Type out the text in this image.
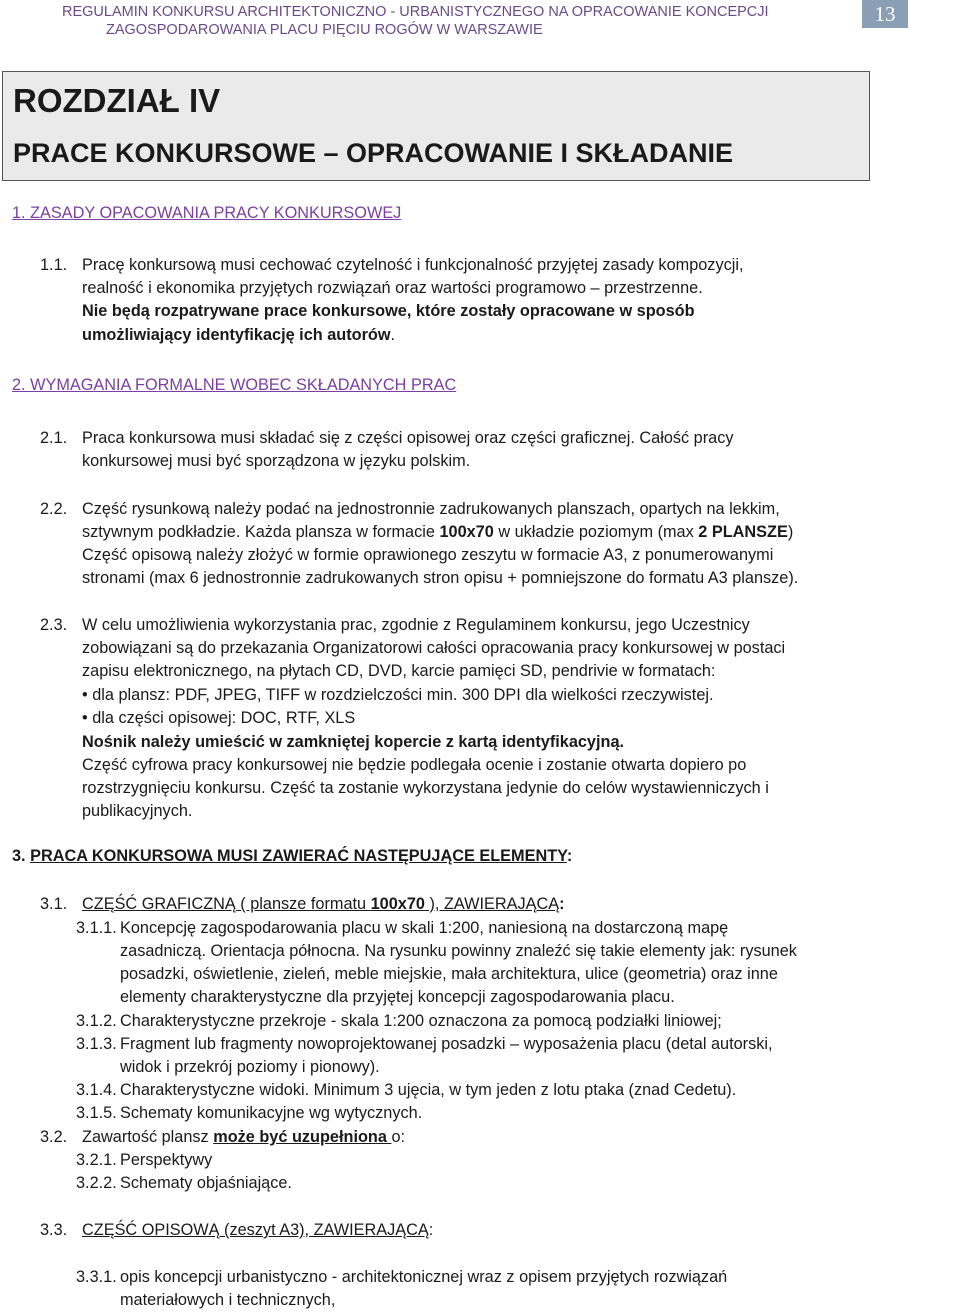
REGULAMIN KONKURSU ARCHITEKTONICZNO - URBANISTYCZNEGO NA OPRACOWANIE KONCEPCJI
ZAGOSPODAROWANIA PLACU PIĘCIU ROGÓW W WARSZAWIE
13
ROZDZIAŁ IV
PRACE KONKURSOWE – OPRACOWANIE I SKŁADANIE
1. ZASADY OPACOWANIA PRACY KONKURSOWEJ
1.1. Pracę konkursową musi cechować czytelność i funkcjonalność przyjętej zasady kompozycji,
realność i ekonomika przyjętych rozwiązań oraz wartości programowo – przestrzenne.
Nie będą rozpatrywane prace konkursowe, które zostały opracowane w sposób
umożliwiający identyfikację ich autorów.
2. WYMAGANIA FORMALNE WOBEC SKŁADANYCH PRAC
2.1. Praca konkursowa musi składać się z części opisowej oraz części graficznej. Całość pracy
konkursowej musi być sporządzona w języku polskim.
2.2. Część rysunkową należy podać na jednostronnie zadrukowanych planszach, opartych na lekkim,
sztywnym podkładzie. Każda plansza w formacie 100x70 w układzie poziomym (max 2 PLANSZE)
Część opisową należy złożyć w formie oprawionego zeszytu w formacie A3, z ponumerowanymi
stronami (max 6 jednostronnie zadrukowanych stron opisu + pomniejszone do formatu A3 plansze).
2.3. W celu umożliwienia wykorzystania prac, zgodnie z Regulaminem konkursu, jego Uczestnicy
zobowiązani są do przekazania Organizatorowi całości opracowania pracy konkursowej w postaci
zapisu elektronicznego, na płytach CD, DVD, karcie pamięci SD, pendrivie w formatach:
• dla plansz: PDF, JPEG, TIFF w rozdzielczości min. 300 DPI dla wielkości rzeczywistej.
• dla części opisowej: DOC, RTF, XLS
Nośnik należy umieścić w zamkniętej kopercie z kartą identyfikacyjną.
Część cyfrowa pracy konkursowej nie będzie podlegała ocenie i zostanie otwarta dopiero po
rozstrzygnięciu konkursu. Część ta zostanie wykorzystana jedynie do celów wystawienniczych i
publikacyjnych.
3. PRACA KONKURSOWA MUSI ZAWIERAĆ NASTĘPUJĄCE ELEMENTY:
3.1. CZĘŚĆ GRAFICZNĄ ( plansze formatu 100x70 ), ZAWIERAJĄCĄ:
3.1.1. Koncepcję zagospodarowania placu w skali 1:200, naniesioną na dostarczoną mapę
zasadniczą. Orientacja północna. Na rysunku powinny znaleźć się takie elementy jak: rysunek
posadzki, oświetlenie, zieleń, meble miejskie, mała architektura, ulice (geometria) oraz inne
elementy charakterystyczne dla przyjętej koncepcji zagospodarowania placu.
3.1.2. Charakterystyczne przekroje - skala 1:200 oznaczona za pomocą podziałki liniowej;
3.1.3. Fragment lub fragmenty nowoprojektowanej posadzki – wyposażenia placu (detal autorski,
widok i przekrój poziomy i pionowy).
3.1.4. Charakterystyczne widoki. Minimum 3 ujęcia, w tym jeden z lotu ptaka (znad Cedetu).
3.1.5. Schematy komunikacyjne wg wytycznych.
3.2. Zawartość plansz może być uzupełniona o:
3.2.1. Perspektywy
3.2.2. Schematy objaśniające.
3.3. CZĘŚĆ OPISOWĄ (zeszyt A3), ZAWIERAJĄCĄ:
3.3.1. opis koncepcji urbanistyczno - architektonicznej wraz z opisem przyjętych rozwiązań
materiałowych i technicznych,
